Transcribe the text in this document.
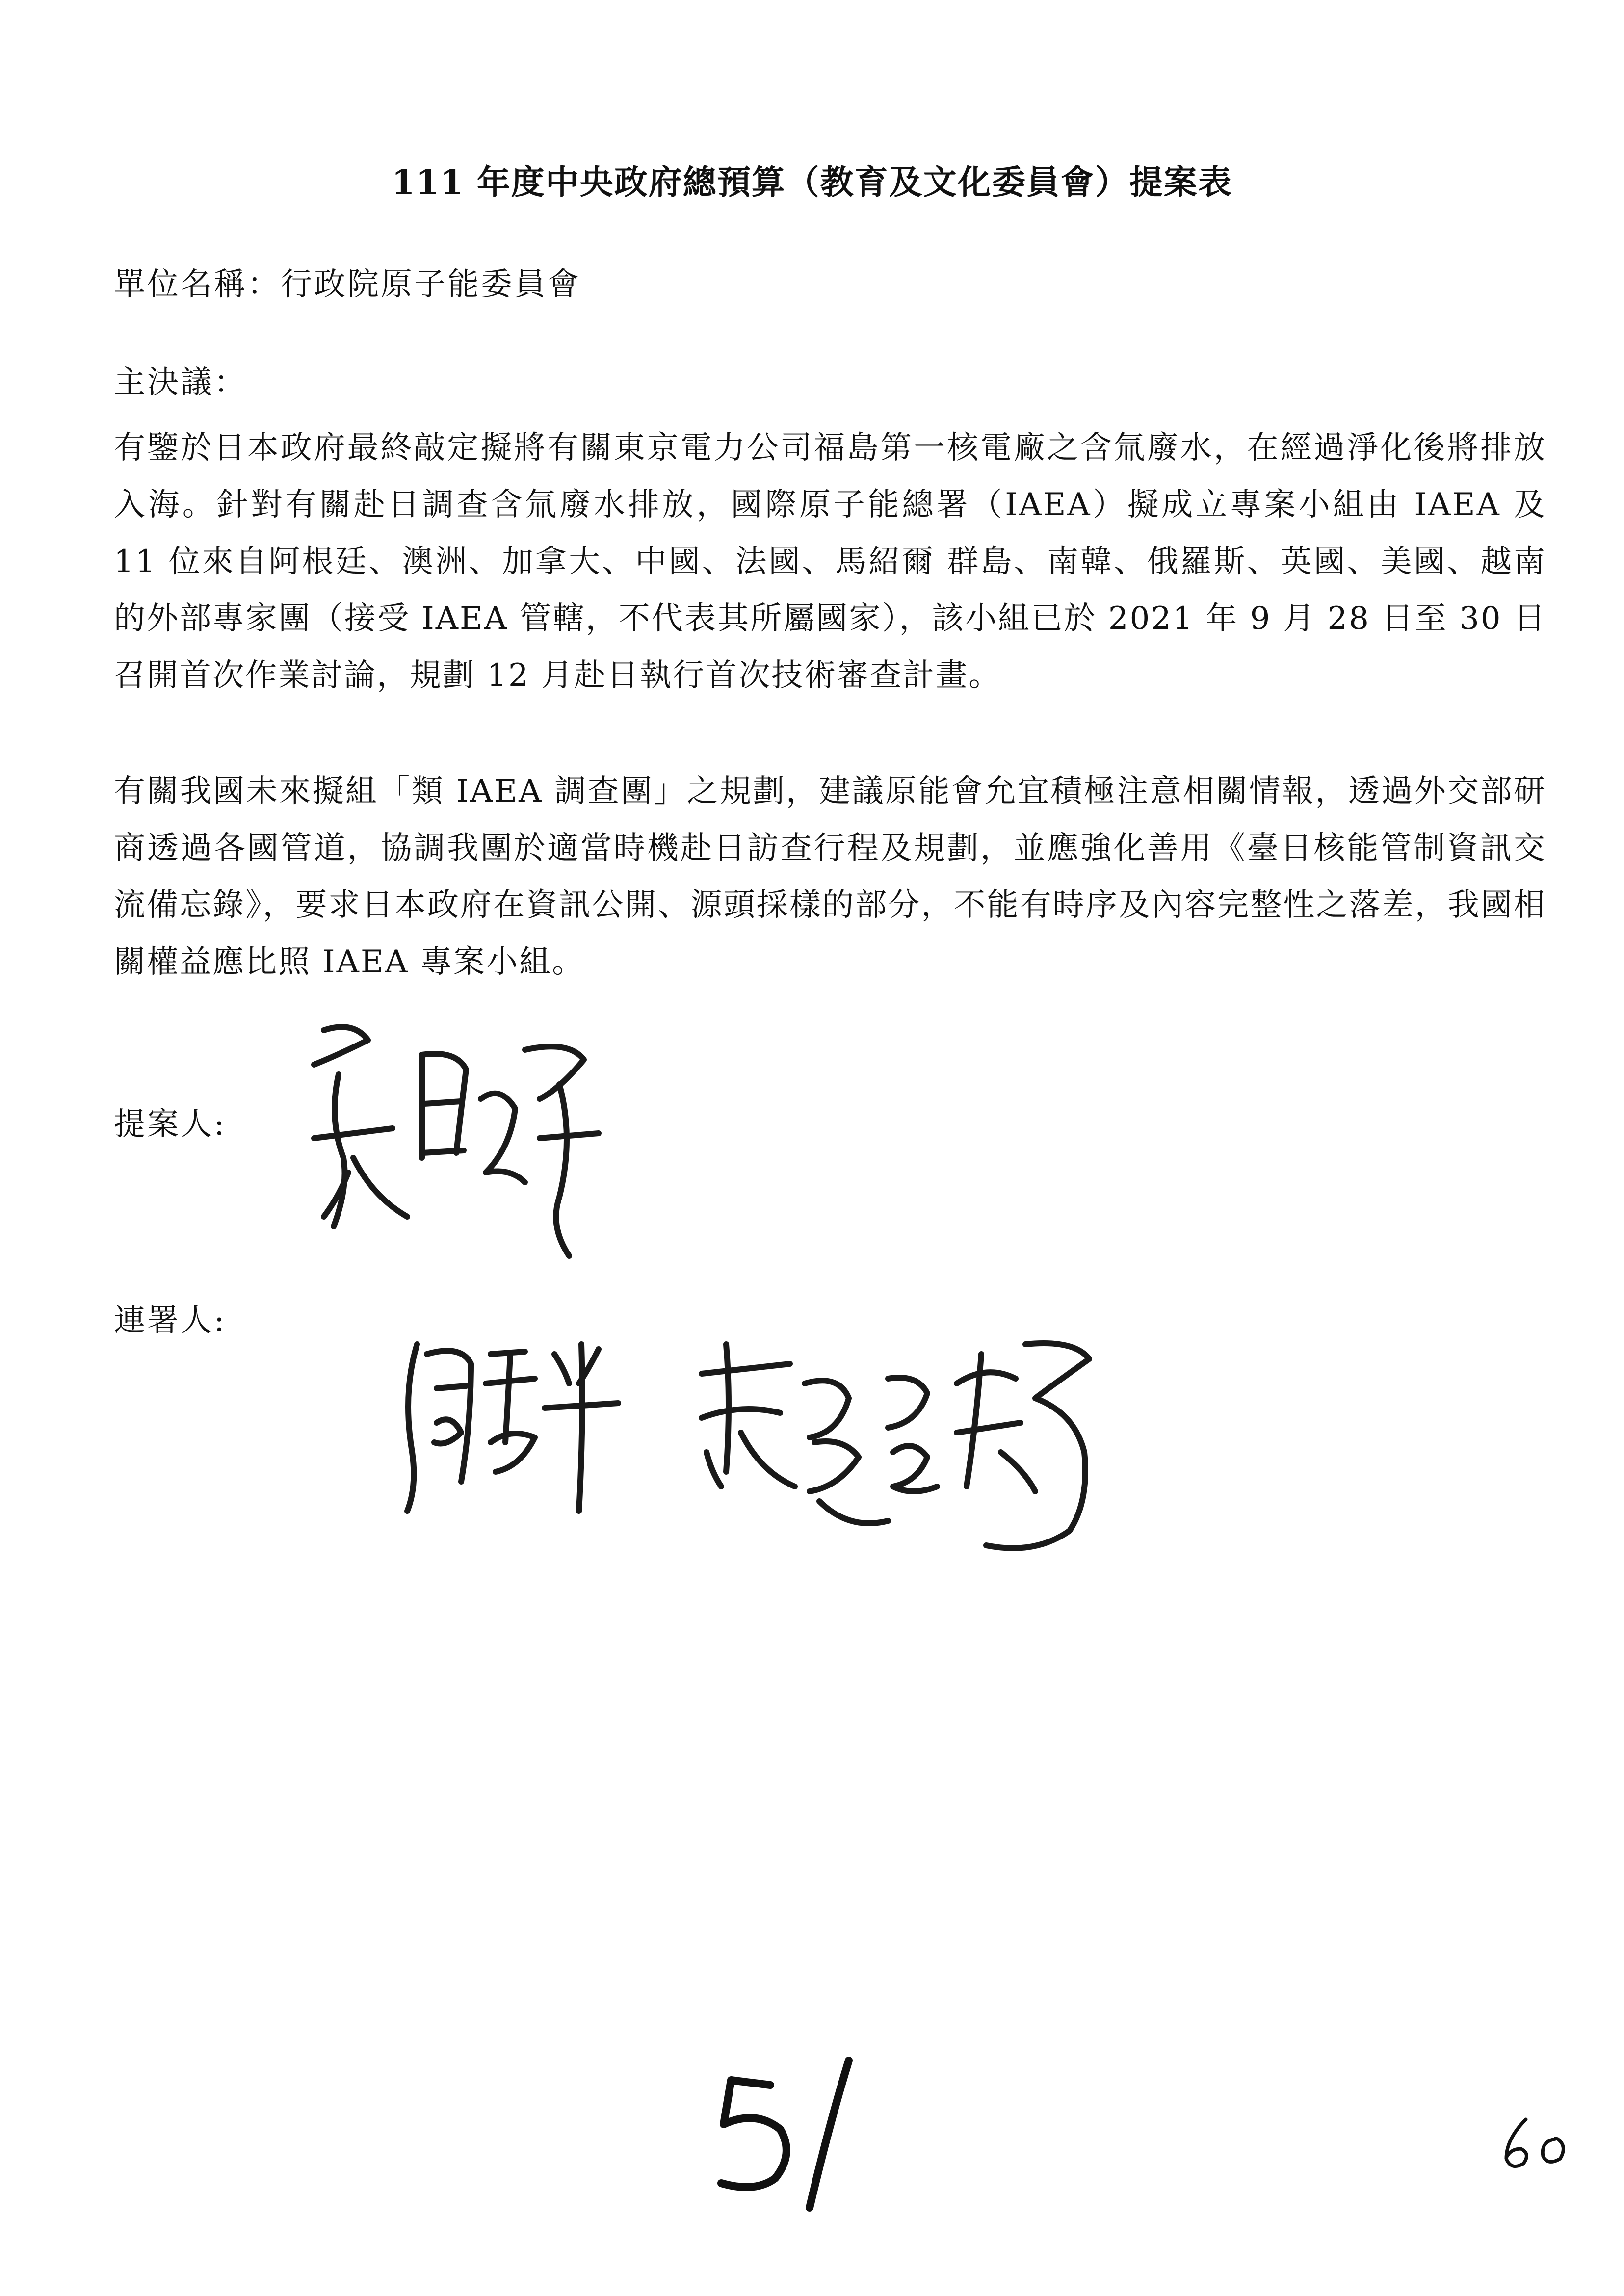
111 年度中央政府總預算（教育及文化委員會）提案表
單位名稱：行政院原子能委員會
主決議：

有鑒於日本政府最終敲定擬將有關東京電力公司福島第一核電廠之含氚廢水，在經過淨化後將排放入海。針對有關赴日調查含氚廢水排放，國際原子能總署（IAEA）擬成立專案小組由 IAEA 及 11 位來自阿根廷、澳洲、加拿大、中國、法國、馬紹爾 群島、南韓、俄羅斯、英國、美國、越南的外部專家團（接受 IAEA 管轄，不代表其所屬國家），該小組已於 2021 年 9 月 28 日至 30 日召開首次作業討論，規劃 12 月赴日執行首次技術審查計畫。

有關我國未來擬組「類 IAEA 調查團」之規劃，建議原能會允宜積極注意相關情報，透過外交部研商透過各國管道，協調我團於適當時機赴日訪查行程及規劃，並應強化善用《臺日核能管制資訊交流備忘錄》，要求日本政府在資訊公開、源頭採樣的部分，不能有時序及內容完整性之落差，我國相關權益應比照 IAEA 專案小組。

提案人:
連署人:
